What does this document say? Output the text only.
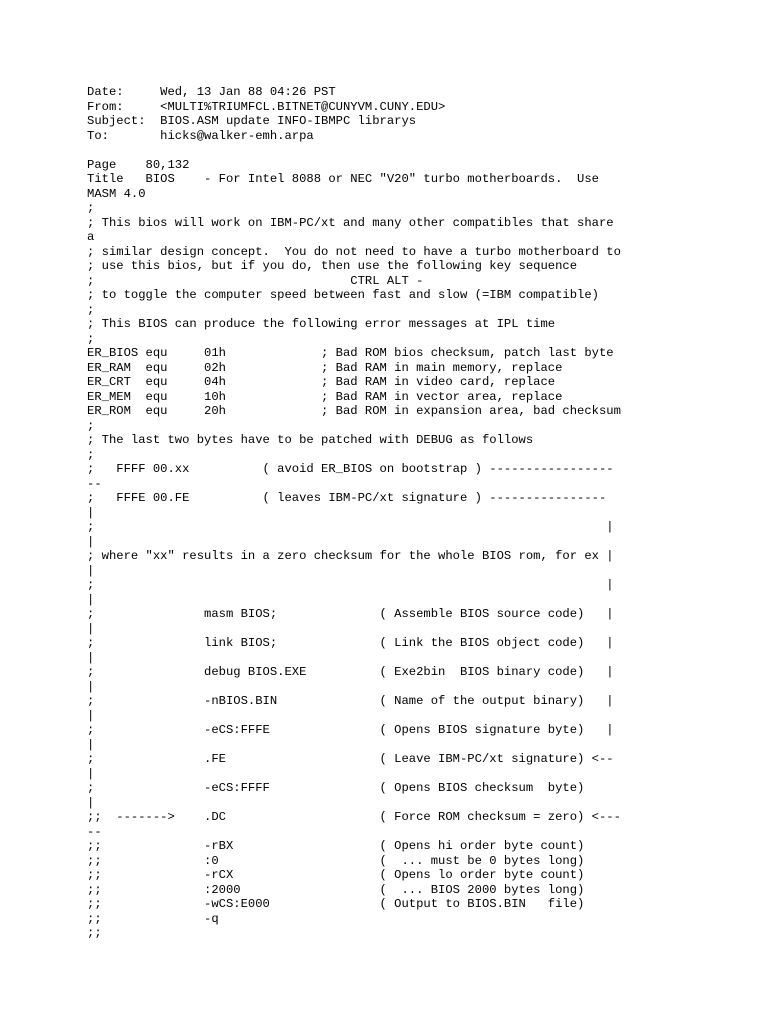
Date:     Wed, 13 Jan 88 04:26 PST
From:     <MULTI%TRIUMFCL.BITNET@CUNYVM.CUNY.EDU>
Subject:  BIOS.ASM update INFO-IBMPC librarys
To:       hicks@walker-emh.arpa
Page    80,132
Title   BIOS    - For Intel 8088 or NEC "V20" turbo motherboards.  Use
MASM 4.0
;
; This bios will work on IBM-PC/xt and many other compatibles that share
a
; similar design concept.  You do not need to have a turbo motherboard to
; use this bios, but if you do, then use the following key sequence
;                                   CTRL ALT -
; to toggle the computer speed between fast and slow (=IBM compatible)
;
; This BIOS can produce the following error messages at IPL time
;
ER_BIOS equ     01h             ; Bad ROM bios checksum, patch last byte
ER_RAM  equ     02h             ; Bad RAM in main memory, replace
ER_CRT  equ     04h             ; Bad RAM in video card, replace
ER_MEM  equ     10h             ; Bad RAM in vector area, replace
ER_ROM  equ     20h             ; Bad ROM in expansion area, bad checksum
;
; The last two bytes have to be patched with DEBUG as follows
;
;   FFFF 00.xx          ( avoid ER_BIOS on bootstrap ) -----------------
--
;   FFFE 00.FE          ( leaves IBM-PC/xt signature ) ----------------
|
;                                                                      |
|
; where "xx" results in a zero checksum for the whole BIOS rom, for ex |
|
;                                                                      |
|
;               masm BIOS;              ( Assemble BIOS source code)   |
|
;               link BIOS;              ( Link the BIOS object code)   |
|
;               debug BIOS.EXE          ( Exe2bin  BIOS binary code)   |
|
;               -nBIOS.BIN              ( Name of the output binary)   |
|
;               -eCS:FFFE               ( Opens BIOS signature byte)   |
|
;               .FE                     ( Leave IBM-PC/xt signature) <--
|
;               -eCS:FFFF               ( Opens BIOS checksum  byte)
|
;;  ------->    .DC                     ( Force ROM checksum = zero) <---
--
;;              -rBX                    ( Opens hi order byte count)
;;              :0                      (  ... must be 0 bytes long)
;;              -rCX                    ( Opens lo order byte count)
;;              :2000                   (  ... BIOS 2000 bytes long)
;;              -wCS:E000               ( Output to BIOS.BIN   file)
;;              -q
;;
